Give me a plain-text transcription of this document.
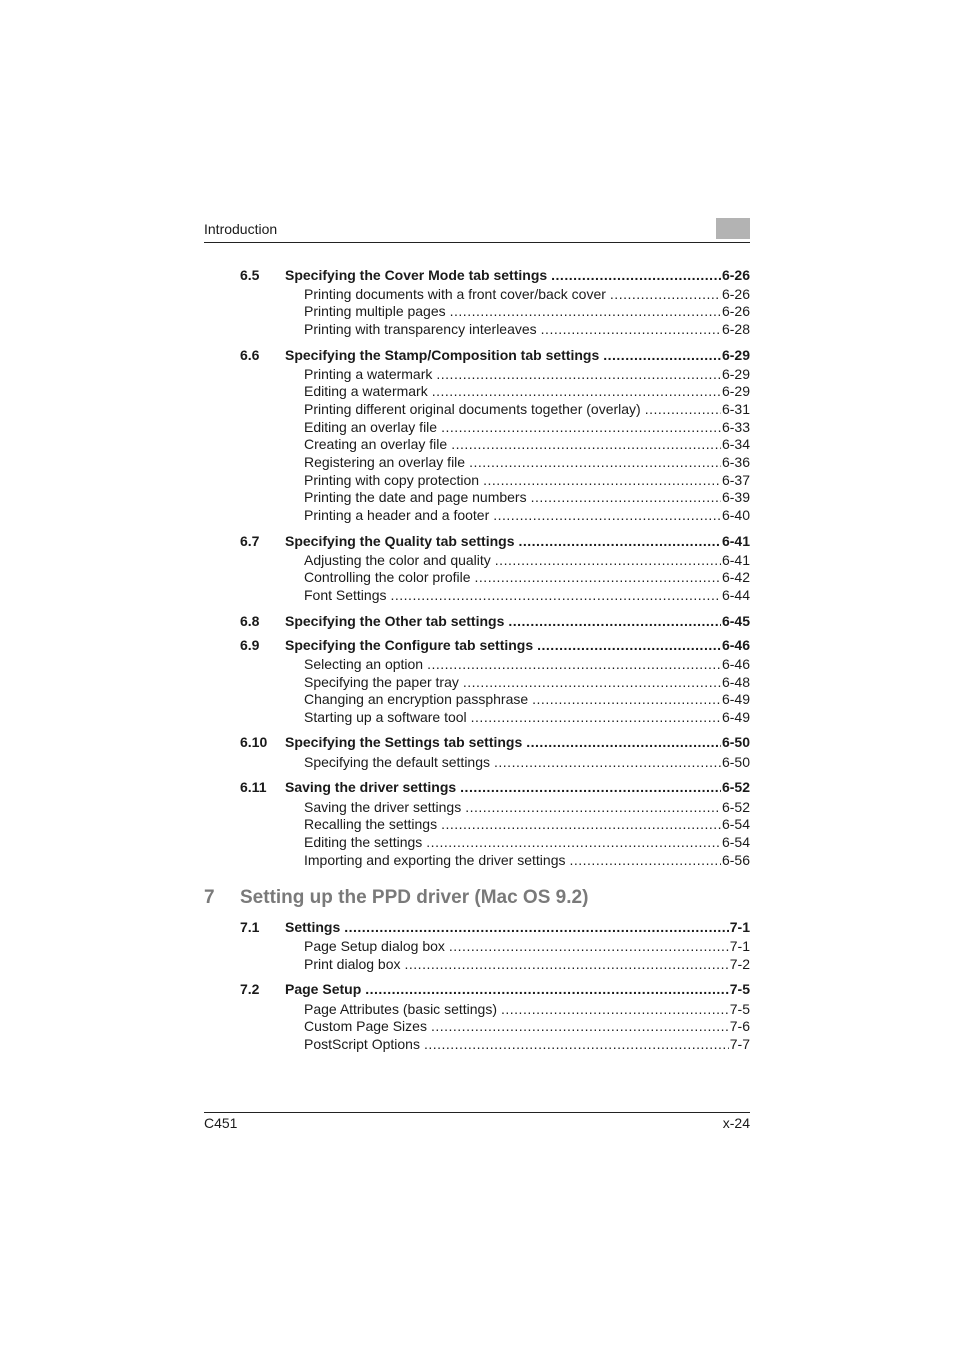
Introduction
6.5	Specifying the Cover Mode tab settings .....	6-26
Printing documents with a front cover/back cover .....	6-26
Printing multiple pages .....	6-26
Printing with transparency interleaves .....	6-28
6.6	Specifying the Stamp/Composition tab settings .....	6-29
Printing a watermark .....	6-29
Editing a watermark .....	6-29
Printing different original documents together (overlay) .....	6-31
Editing an overlay file .....	6-33
Creating an overlay file .....	6-34
Registering an overlay file .....	6-36
Printing with copy protection .....	6-37
Printing the date and page numbers .....	6-39
Printing a header and a footer .....	6-40
6.7	Specifying the Quality tab settings .....	6-41
Adjusting the color and quality .....	6-41
Controlling the color profile .....	6-42
Font Settings .....	6-44
6.8	Specifying the Other tab settings .....	6-45
6.9	Specifying the Configure tab settings .....	6-46
Selecting an option .....	6-46
Specifying the paper tray .....	6-48
Changing an encryption passphrase .....	6-49
Starting up a software tool .....	6-49
6.10	Specifying the Settings tab settings .....	6-50
Specifying the default settings .....	6-50
6.11	Saving the driver settings .....	6-52
Saving the driver settings .....	6-52
Recalling the settings .....	6-54
Editing the settings .....	6-54
Importing and exporting the driver settings .....	6-56
7	Setting up the PPD driver (Mac OS 9.2)
7.1	Settings .....	7-1
Page Setup dialog box .....	7-1
Print dialog box .....	7-2
7.2	Page Setup .....	7-5
Page Attributes (basic settings) .....	7-5
Custom Page Sizes .....	7-6
PostScript Options .....	7-7
C451	x-24
